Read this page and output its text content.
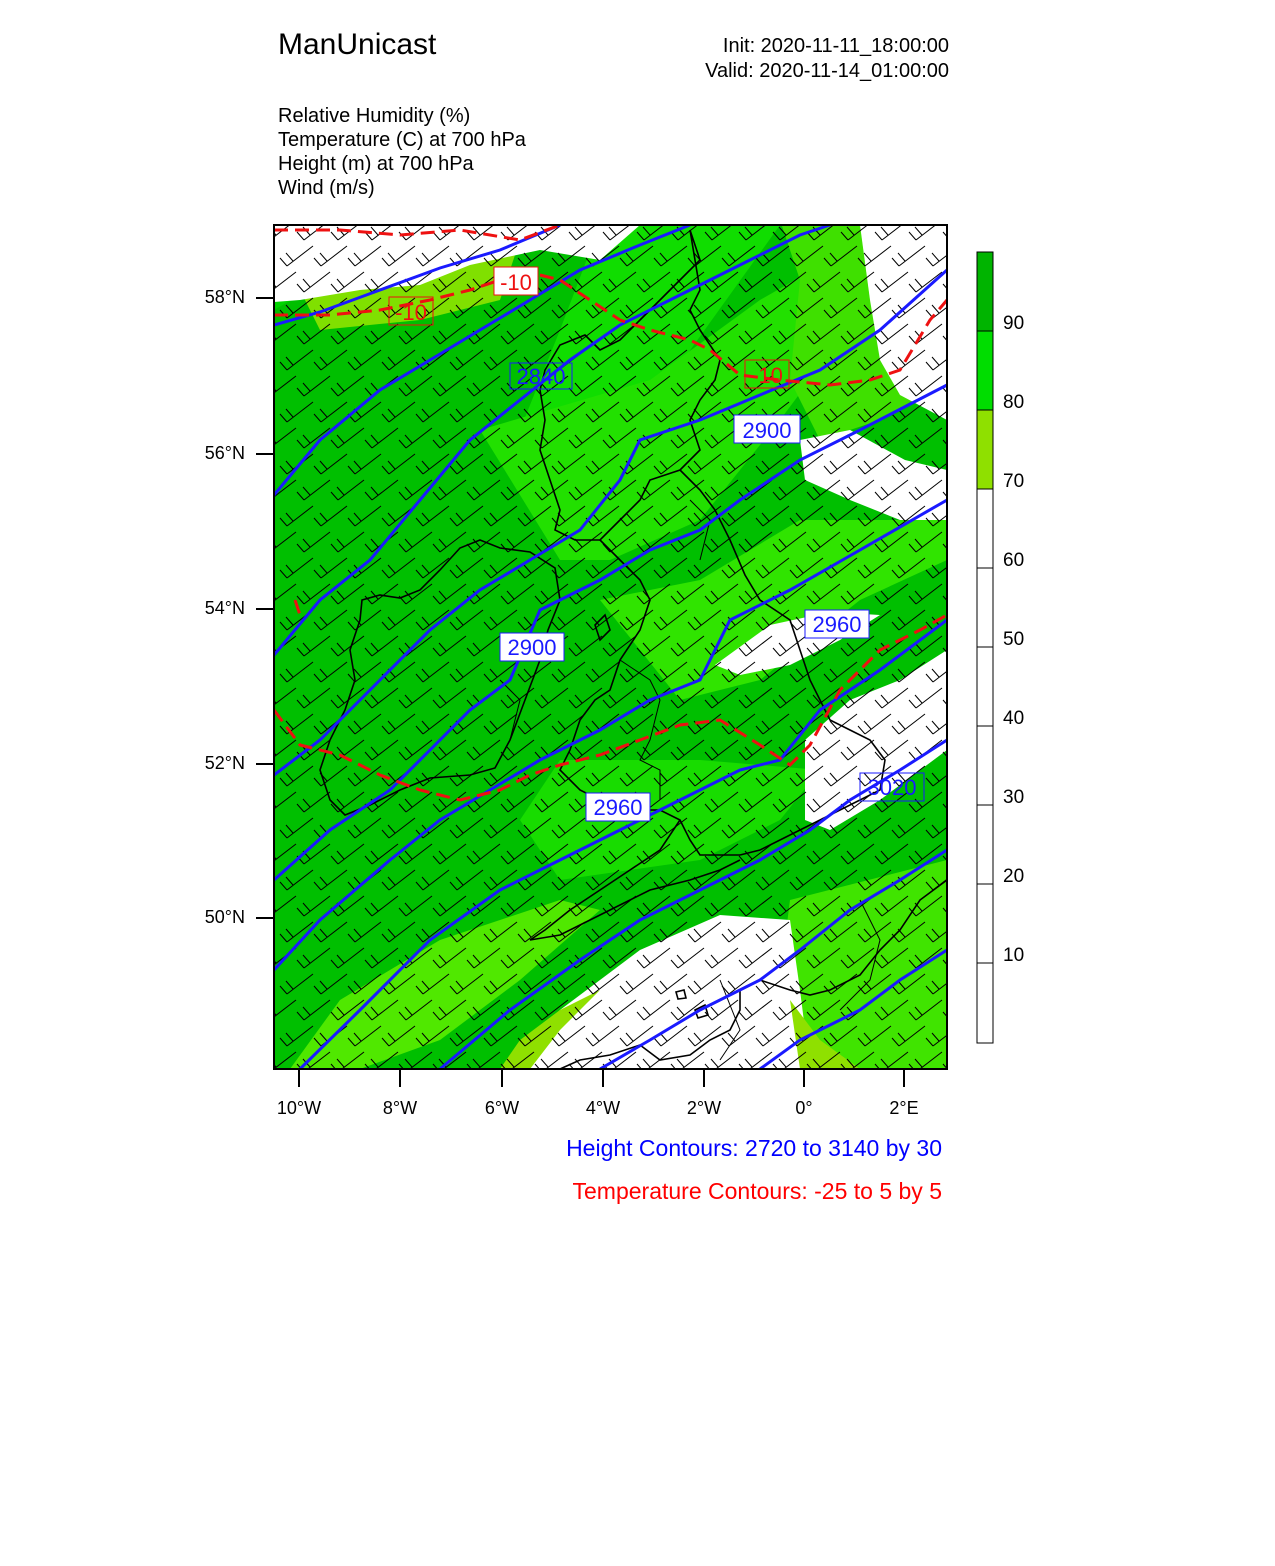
ManUnicast	Init: 2020-11-11_18:00:00
Valid: 2020-11-14_01:00:00
Relative Humidity (%)
Temperature (C) at 700 hPa
Height (m) at 700 hPa
Wind (m/s)
2840
2900
2900
2960
2960
3020
-10
-10
-10
90
80
70
60
50
40
30
20
10
58°N
56°N
54°N
52°N
50°N
10°W	8°W	6°W	4°W	2°W	0°	2°E
Height Contours: 2720 to 3140 by 30
Temperature Contours: -25 to 5 by 5
